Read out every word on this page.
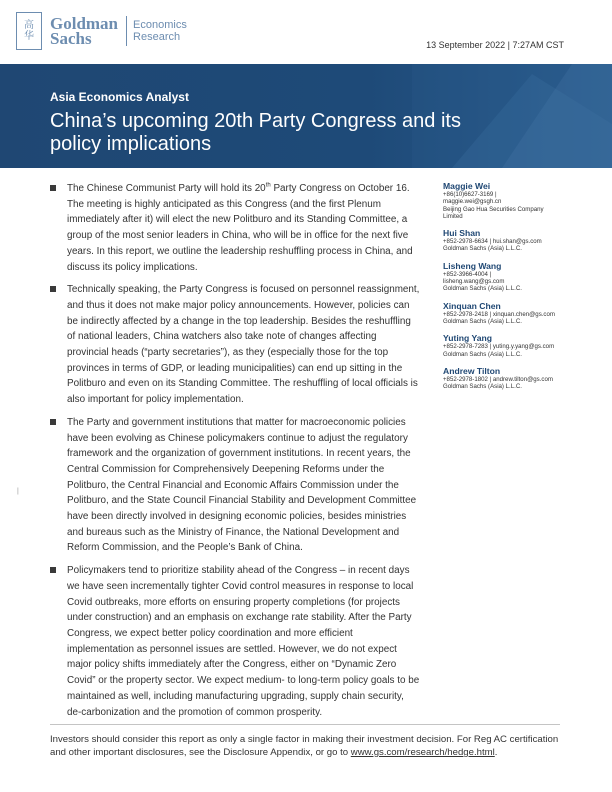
高
华
Goldman
Sachs
Economics
Research
13 September 2022 | 7:27AM CST
Asia Economics Analyst
China’s upcoming 20th Party Congress and its policy implications
The Chinese Communist Party will hold its 20th Party Congress on October 16. The meeting is highly anticipated as this Congress (and the first Plenum immediately after it) will elect the new Politburo and its Standing Committee, a group of the most senior leaders in China, who will be in office for the next five years. In this report, we outline the leadership reshuffling process in China, and discuss its policy implications.
Technically speaking, the Party Congress is focused on personnel reassignment, and thus it does not make major policy announcements. However, policies can be indirectly affected by a change in the top leadership. Besides the reshuffling of national leaders, China watchers also take note of changes affecting provincial heads (“party secretaries”), as they (especially those for the top provinces in terms of GDP, or leading municipalities) can end up sitting in the Politburo and even on its Standing Committee. The reshuffling of local officials is also important for policy implementation.
The Party and government institutions that matter for macroeconomic policies have been evolving as Chinese policymakers continue to adjust the regulatory framework and the organization of government institutions. In recent years, the Central Commission for Comprehensively Deepening Reforms under the Politburo, the Central Financial and Economic Affairs Commission under the Politburo, and the State Council Financial Stability and Development Committee have been directly involved in designing economic policies, besides ministries and bureaus such as the Ministry of Finance, the National Development and Reform Commission, and the People’s Bank of China.
Policymakers tend to prioritize stability ahead of the Congress – in recent days we have seen incrementally tighter Covid control measures in response to local Covid outbreaks, more efforts on ensuring property completions (for projects under construction) and an emphasis on exchange rate stability. After the Party Congress, we expect better policy coordination and more efficient implementation as personnel issues are settled. However, we do not expect major policy shifts immediately after the Congress, either on “Dynamic Zero Covid” or the property sector. We expect medium- to long-term policy goals to be maintained as well, including manufacturing upgrading, supply chain security, de-carbonization and the promotion of common prosperity.
Maggie Wei
+86(10)6627-3169 |
maggie.wei@gsgh.cn
Beijing Gao Hua Securities Company
Limited
Hui Shan
+852-2978-6634 | hui.shan@gs.com
Goldman Sachs (Asia) L.L.C.
Lisheng Wang
+852-3966-4004 |
lisheng.wang@gs.com
Goldman Sachs (Asia) L.L.C.
Xinquan Chen
+852-2978-2418 | xinquan.chen@gs.com
Goldman Sachs (Asia) L.L.C.
Yuting Yang
+852-2978-7283 | yuting.y.yang@gs.com
Goldman Sachs (Asia) L.L.C.
Andrew Tilton
+852-2978-1802 | andrew.tilton@gs.com
Goldman Sachs (Asia) L.L.C.
|
Investors should consider this report as only a single factor in making their investment decision. For Reg AC certification and other important disclosures, see the Disclosure Appendix, or go to www.gs.com/research/hedge.html.
